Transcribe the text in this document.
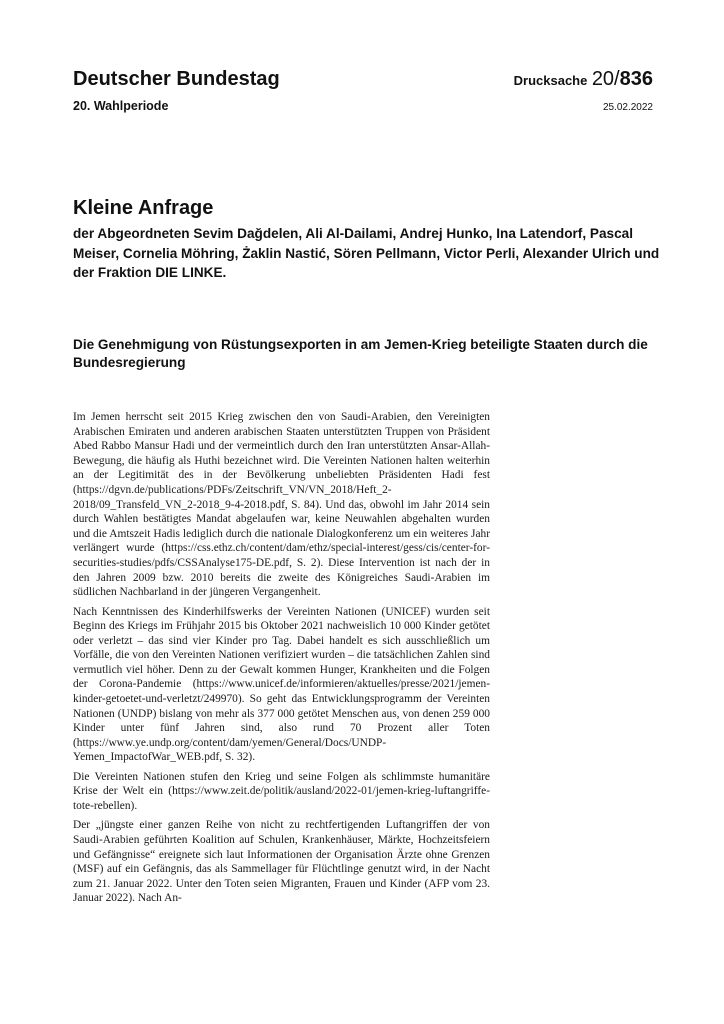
Deutscher Bundestag
20. Wahlperiode
Drucksache 20/836
25.02.2022
Kleine Anfrage
der Abgeordneten Sevim Dağdelen, Ali Al-Dailami, Andrej Hunko, Ina Latendorf, Pascal Meiser, Cornelia Möhring, Żaklin Nastić, Sören Pellmann, Victor Perli, Alexander Ulrich und der Fraktion DIE LINKE.
Die Genehmigung von Rüstungsexporten in am Jemen-Krieg beteiligte Staaten durch die Bundesregierung

Im Jemen herrscht seit 2015 Krieg zwischen den von Saudi-Arabien, den Vereinigten Arabischen Emiraten und anderen arabischen Staaten unterstützten Truppen von Präsident Abed Rabbo Mansur Hadi und der vermeintlich durch den Iran unterstützten Ansar-Allah-Bewegung, die häufig als Huthi bezeichnet wird. Die Vereinten Nationen halten weiterhin an der Legitimität des in der Bevölkerung unbeliebten Präsidenten Hadi fest (https://dgvn.de/publications/PDFs/Zeitschrift_VN/VN_2018/Heft_2-2018/09_Transfeld_VN_2-2018_9-4-2018.pdf, S. 84). Und das, obwohl im Jahr 2014 sein durch Wahlen bestätigtes Mandat abgelaufen war, keine Neuwahlen abgehalten wurden und die Amtszeit Hadis lediglich durch die nationale Dialogkonferenz um ein weiteres Jahr verlängert wurde (https://css.ethz.ch/content/dam/ethz/special-interest/gess/cis/center-for-securities-studies/pdfs/CSSAnalyse175-DE.pdf, S. 2). Diese Intervention ist nach der in den Jahren 2009 bzw. 2010 bereits die zweite des Königreiches Saudi-Arabien im südlichen Nachbarland in der jüngeren Vergangenheit.

Nach Kenntnissen des Kinderhilfswerks der Vereinten Nationen (UNICEF) wurden seit Beginn des Kriegs im Frühjahr 2015 bis Oktober 2021 nachweislich 10 000 Kinder getötet oder verletzt – das sind vier Kinder pro Tag. Dabei handelt es sich ausschließlich um Vorfälle, die von den Vereinten Nationen verifiziert wurden – die tatsächlichen Zahlen sind vermutlich viel höher. Denn zu der Gewalt kommen Hunger, Krankheiten und die Folgen der Corona-Pandemie (https://www.unicef.de/informieren/aktuelles/presse/2021/jemen-kinder-getoetet-und-verletzt/249970). So geht das Entwicklungsprogramm der Vereinten Nationen (UNDP) bislang von mehr als 377 000 getötet Menschen aus, von denen 259 000 Kinder unter fünf Jahren sind, also rund 70 Prozent aller Toten (https://www.ye.undp.org/content/dam/yemen/General/Docs/UNDP-Yemen_ImpactofWar_WEB.pdf, S. 32).

Die Vereinten Nationen stufen den Krieg und seine Folgen als schlimmste humanitäre Krise der Welt ein (https://www.zeit.de/politik/ausland/2022-01/jemen-krieg-luftangriffe-tote-rebellen).

Der „jüngste einer ganzen Reihe von nicht zu rechtfertigenden Luftangriffen der von Saudi-Arabien geführten Koalition auf Schulen, Krankenhäuser, Märkte, Hochzeitsfeiern und Gefängnisse“ ereignete sich laut Informationen der Organisation Ärzte ohne Grenzen (MSF) auf ein Gefängnis, das als Sammellager für Flüchtlinge genutzt wird, in der Nacht zum 21. Januar 2022. Unter den Toten seien Migranten, Frauen und Kinder (AFP vom 23. Januar 2022). Nach An-
